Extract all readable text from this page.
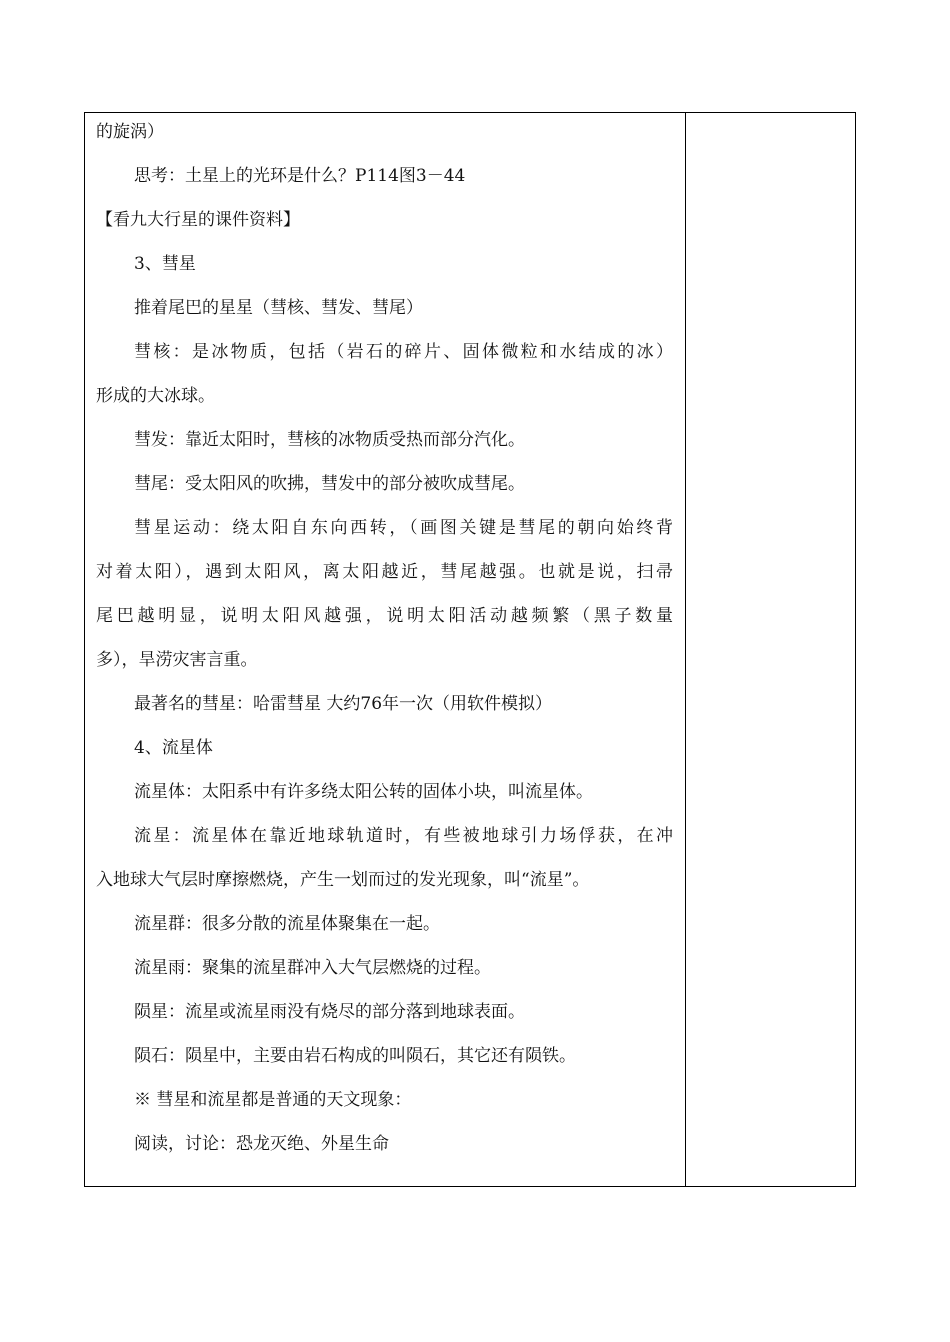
的旋涡）

思考：土星上的光环是什么？P114图3－44

【看九大行星的课件资料】

3、彗星

推着尾巴的星星（彗核、彗发、彗尾）

彗核：是冰物质，包括（岩石的碎片、固体微粒和水结成的冰）
形成的大冰球。

彗发：靠近太阳时，彗核的冰物质受热而部分汽化。

彗尾：受太阳风的吹拂，彗发中的部分被吹成彗尾。

彗星运动：绕太阳自东向西转，（画图关键是彗尾的朝向始终背
对着太阳），遇到太阳风，离太阳越近，彗尾越强。也就是说，扫帚
尾巴越明显，说明太阳风越强，说明太阳活动越频繁（黑子数量
多），旱涝灾害言重。

最著名的彗星：哈雷彗星 大约76年一次（用软件模拟）

4、流星体

流星体：太阳系中有许多绕太阳公转的固体小块，叫流星体。

流星：流星体在靠近地球轨道时，有些被地球引力场俘获，在冲
入地球大气层时摩擦燃烧，产生一划而过的发光现象，叫“流星”。

流星群：很多分散的流星体聚集在一起。

流星雨：聚集的流星群冲入大气层燃烧的过程。

陨星：流星或流星雨没有烧尽的部分落到地球表面。

陨石：陨星中，主要由岩石构成的叫陨石，其它还有陨铁。

※ 彗星和流星都是普通的天文现象：

阅读，讨论：恐龙灭绝、外星生命
